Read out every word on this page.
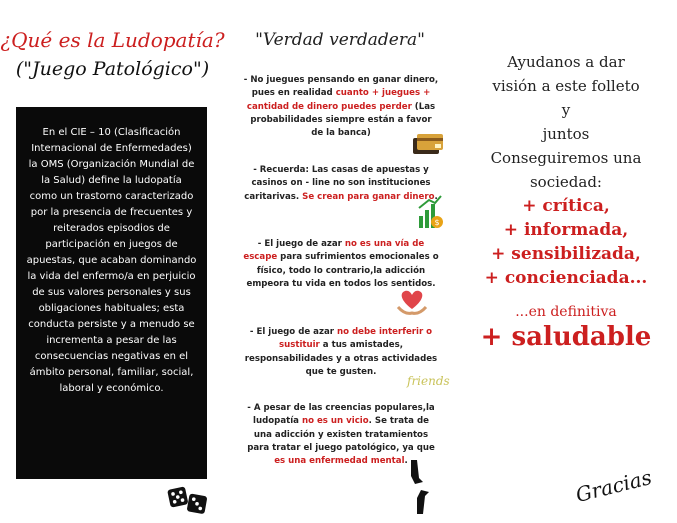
¿Qué es la Ludopatía?
("Juego Patológico")

En el CIE – 10 (Clasificación Internacional de Enfermedades) la OMS (Organización Mundial de la Salud) define la ludopatía como un trastorno caracterizado por la presencia de frecuentes y reiterados episodios de participación en juegos de apuestas, que acaban dominando la vida del enfermo/a en perjuicio de sus valores personales y sus obligaciones habituales; esta conducta persiste y a menudo se incrementa a pesar de las consecuencias negativas en el ámbito personal, familiar, social, laboral y económico.

"Verdad verdadera"
- No juegues pensando en ganar dinero, pues en realidad cuanto + juegues + cantidad de dinero puedes perder (Las probabilidades siempre están a favor de la banca)
- Recuerda: Las casas de apuestas y casinos on - line no son instituciones caritarivas. Se crean para ganar dinero.
$
- El juego de azar no es una vía de escape para sufrimientos emocionales o físico, todo lo contrario,la adicción empeora tu vida en todos los sentidos.
- El juego de azar no debe interferir o sustituir a tus amistades, responsabilidades y a otras actividades que te gusten.
friends
- A pesar de las creencias populares,la ludopatía no es un vicio. Se trata de una adicción y existen tratamientos para tratar el juego patológico, ya que es una enfermedad mental.
Ayudanos a dar
visión a este folleto
y
juntos
Conseguiremos una
sociedad:
+ crítica,
+ informada,
+ sensibilizada,
+ concienciada...
...en definitiva
+ saludable
Gracias
